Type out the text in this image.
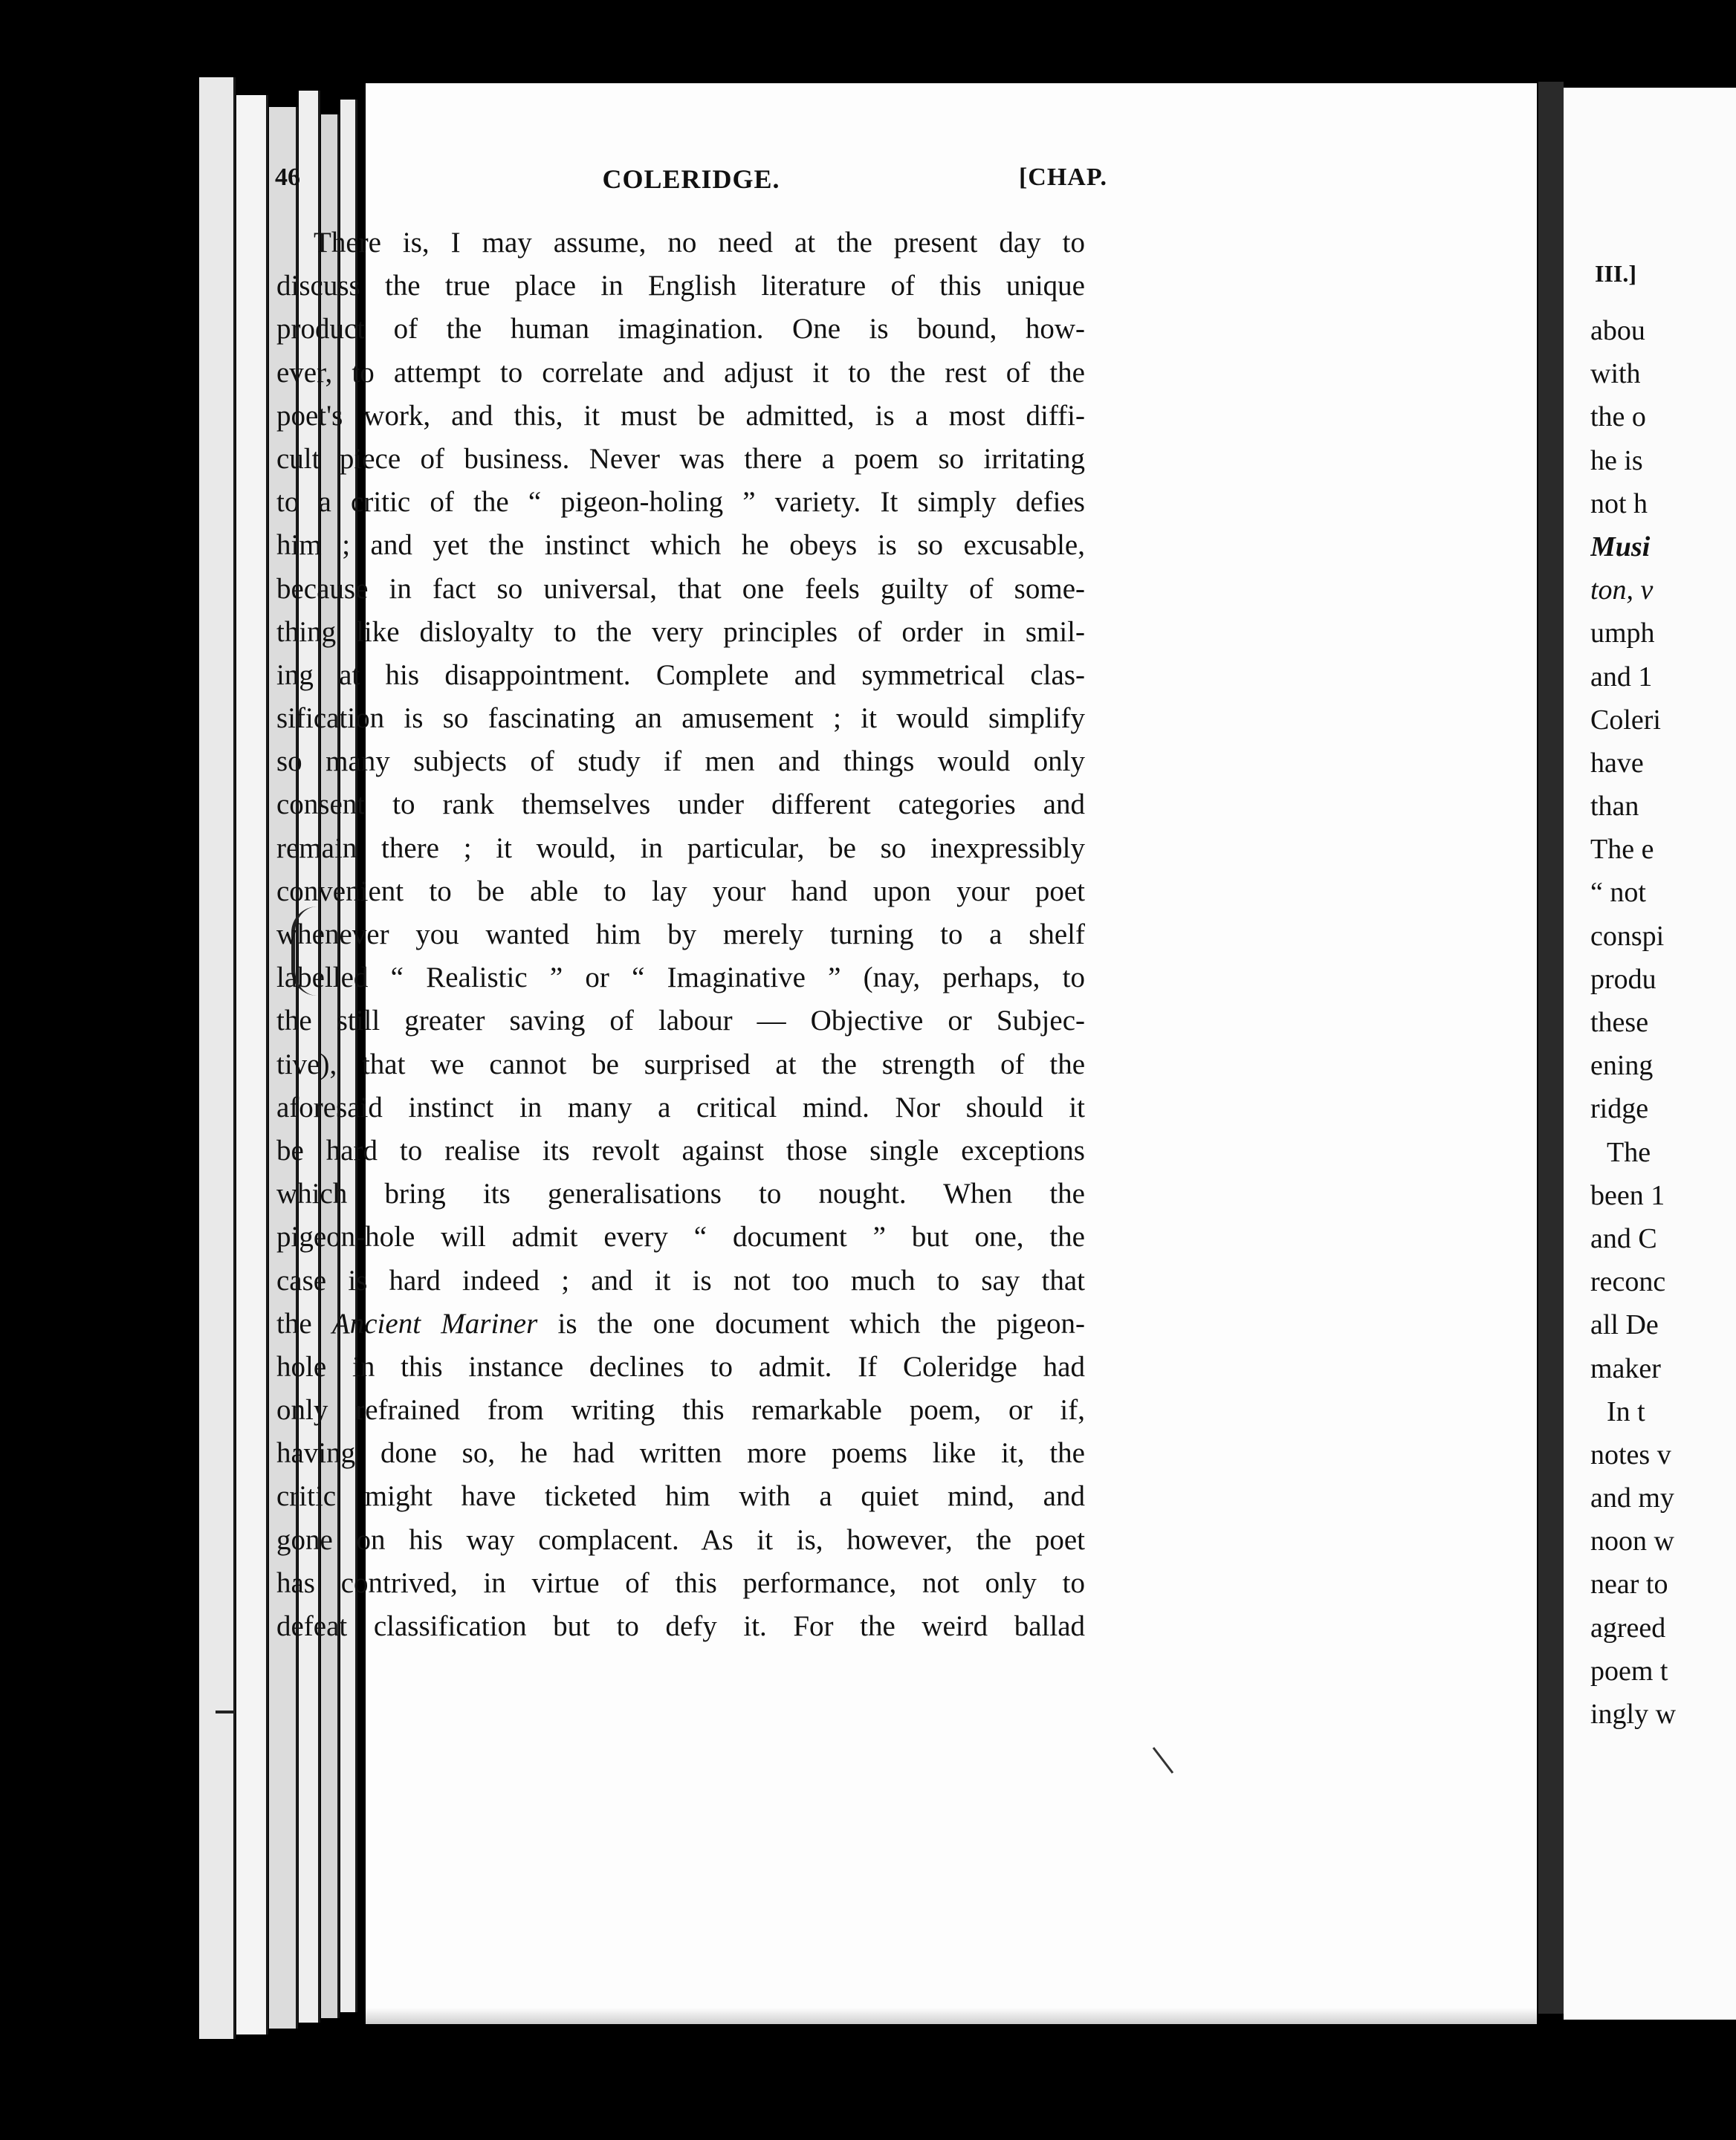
46	COLERIDGE.	[CHAP.
There is, I may assume, no need at the present day to
discuss the true place in English literature of this unique
product of the human imagination. One is bound, how-
ever, to attempt to correlate and adjust it to the rest of the
poet's work, and this, it must be admitted, is a most diffi-
cult piece of business. Never was there a poem so irritating
to a critic of the “ pigeon-holing ” variety. It simply defies
him ; and yet the instinct which he obeys is so excusable,
because in fact so universal, that one feels guilty of some-
thing like disloyalty to the very principles of order in smil-
ing at his disappointment. Complete and symmetrical clas-
sification is so fascinating an amusement ; it would simplify
so many subjects of study if men and things would only
consent to rank themselves under different categories and
remain there ; it would, in particular, be so inexpressibly
convenient to be able to lay your hand upon your poet
whenever you wanted him by merely turning to a shelf
labelled “ Realistic ” or “ Imaginative ” (nay, perhaps, to
the still greater saving of labour — Objective or Subjec-
tive), that we cannot be surprised at the strength of the
aforesaid instinct in many a critical mind. Nor should it
be hard to realise its revolt against those single exceptions
which bring its generalisations to nought. When the
pigeon-hole will admit every “ document ” but one, the
case is hard indeed ; and it is not too much to say that
the Ancient Mariner is the one document which the pigeon-
hole in this instance declines to admit. If Coleridge had
only refrained from writing this remarkable poem, or if,
having done so, he had written more poems like it, the
critic might have ticketed him with a quiet mind, and
gone on his way complacent. As it is, however, the poet
has contrived, in virtue of this performance, not only to
defeat classification but to defy it. For the weird ballad
III.]
abou
with
the o
he is
not h
Musi
ton, v
umph
and 1
Coleri
have
than
The e
“ not
conspi
produ
these
ening
ridge
The
been 1
and C
reconc
all De
maker
In t
notes v
and my
noon w
near to
agreed
poem t
ingly w
